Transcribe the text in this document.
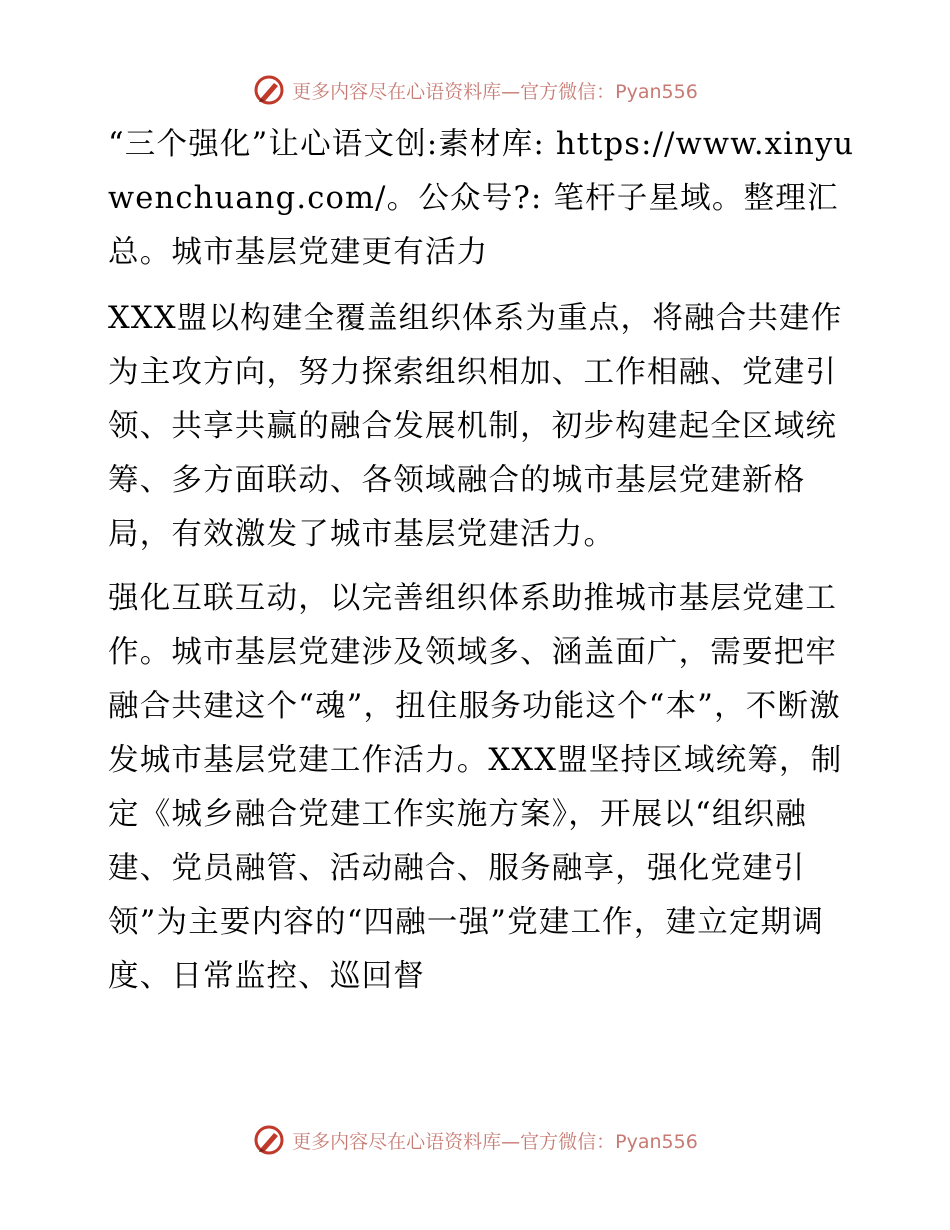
更多内容尽在心语资料库—官方微信：Pyan556

“三个强化”让心语文创:素材库: https://www.xinyuwenchuang.com/。公众号?: 笔杆子星域。整理汇总。城市基层党建更有活力

XXX盟以构建全覆盖组织体系为重点，将融合共建作为主攻方向，努力探索组织相加、工作相融、党建引领、共享共赢的融合发展机制，初步构建起全区域统筹、多方面联动、各领域融合的城市基层党建新格局，有效激发了城市基层党建活力。

强化互联互动，以完善组织体系助推城市基层党建工作。城市基层党建涉及领域多、涵盖面广，需要把牢融合共建这个“魂”，扭住服务功能这个“本”，不断激发城市基层党建工作活力。XXX盟坚持区域统筹，制定《城乡融合党建工作实施方案》，开展以“组织融建、党员融管、活动融合、服务融享，强化党建引领”为主要内容的“四融一强”党建工作，建立定期调度、日常监控、巡回督

更多内容尽在心语资料库—官方微信：Pyan556
